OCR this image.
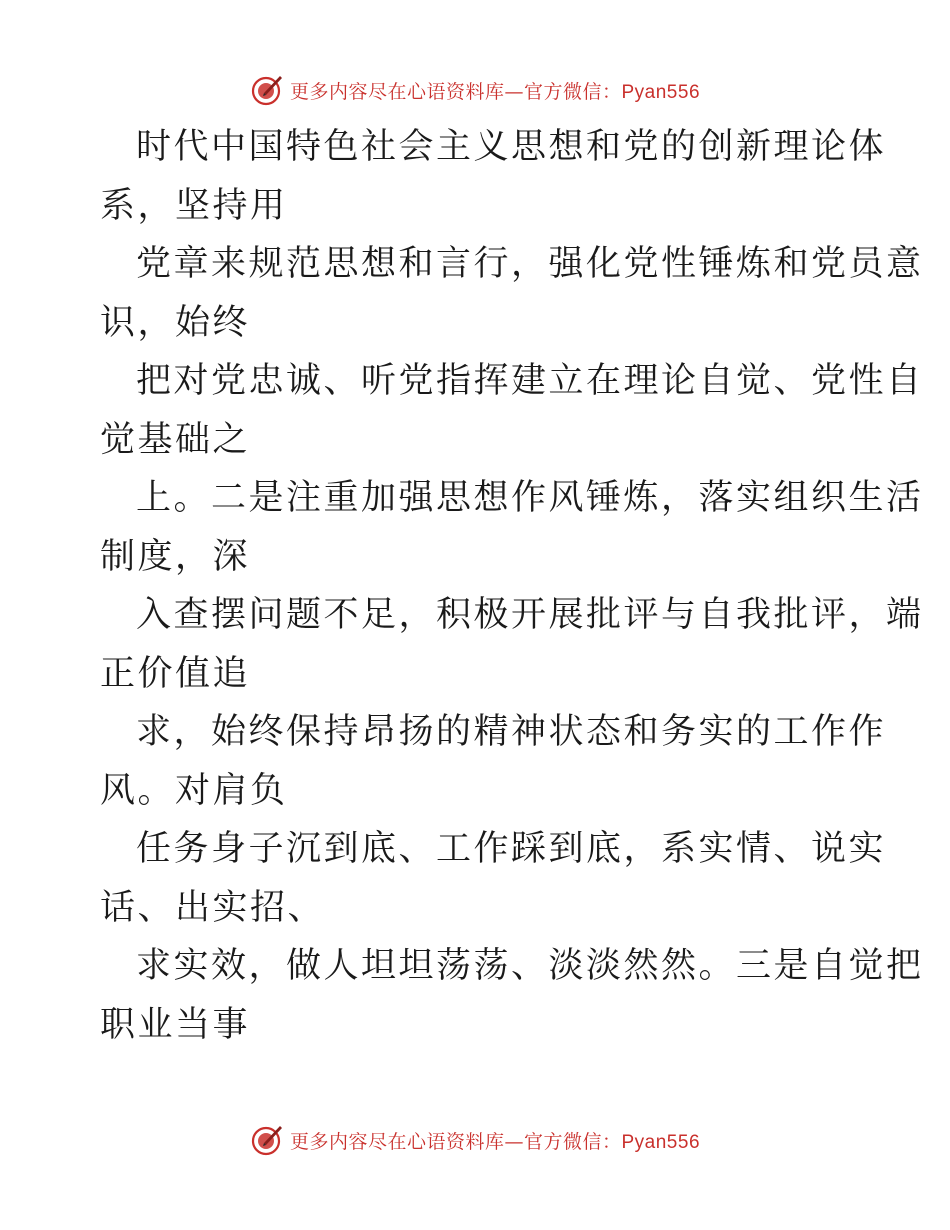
更多内容尽在心语资料库—官方微信：Pyan556
时代中国特色社会主义思想和党的创新理论体
系，坚持用
党章来规范思想和言行，强化党性锤炼和党员意
识，始终
把对党忠诚、听党指挥建立在理论自觉、党性自
觉基础之
上。二是注重加强思想作风锤炼，落实组织生活
制度，深
入查摆问题不足，积极开展批评与自我批评，端
正价值追
求，始终保持昂扬的精神状态和务实的工作作
风。对肩负
任务身子沉到底、工作踩到底，系实情、说实
话、出实招、
求实效，做人坦坦荡荡、淡淡然然。三是自觉把
职业当事
更多内容尽在心语资料库—官方微信：Pyan556
